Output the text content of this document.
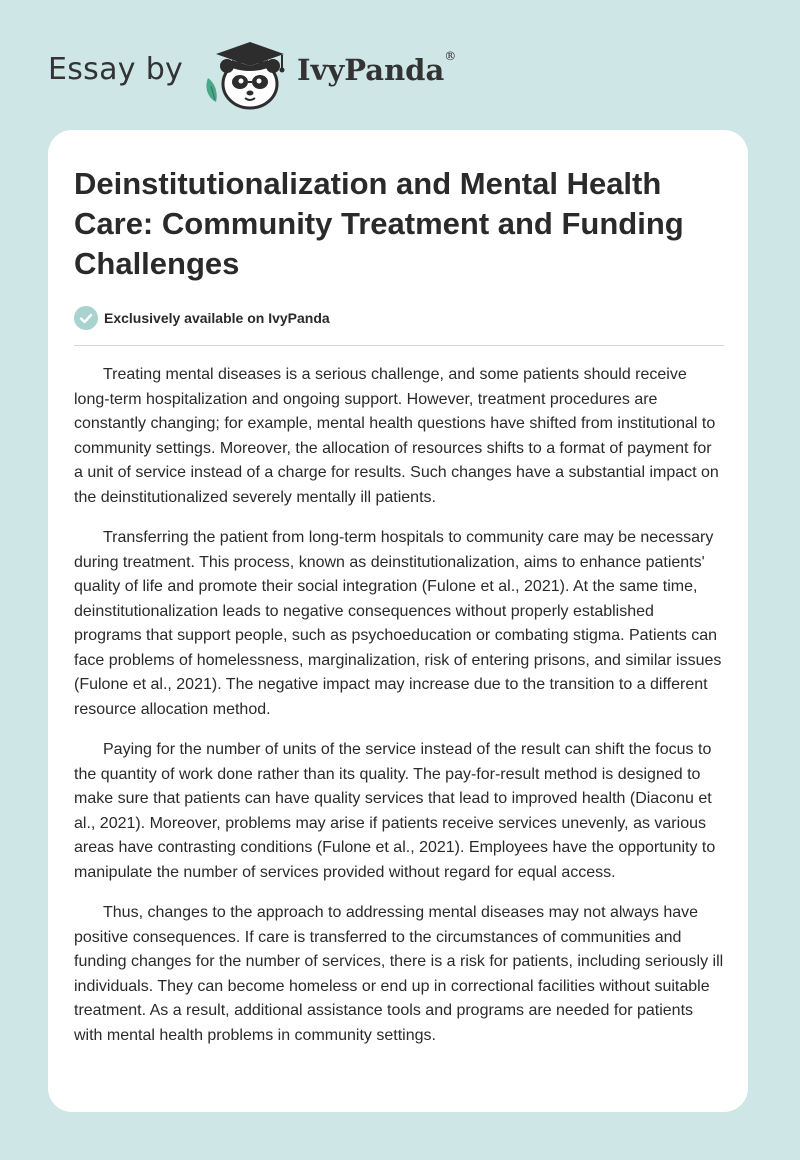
Essay by	IvyPanda®
Deinstitutionalization and Mental Health Care: Community Treatment and Funding Challenges
Exclusively available on IvyPanda

Treating mental diseases is a serious challenge, and some patients should receive long-term hospitalization and ongoing support. However, treatment procedures are constantly changing; for example, mental health questions have shifted from institutional to community settings. Moreover, the allocation of resources shifts to a format of payment for a unit of service instead of a charge for results. Such changes have a substantial impact on the deinstitutionalized severely mentally ill patients.

Transferring the patient from long-term hospitals to community care may be necessary during treatment. This process, known as deinstitutionalization, aims to enhance patients' quality of life and promote their social integration (Fulone et al., 2021). At the same time, deinstitutionalization leads to negative consequences without properly established programs that support people, such as psychoeducation or combating stigma. Patients can face problems of homelessness, marginalization, risk of entering prisons, and similar issues (Fulone et al., 2021). The negative impact may increase due to the transition to a different resource allocation method.

Paying for the number of units of the service instead of the result can shift the focus to the quantity of work done rather than its quality. The pay-for-result method is designed to make sure that patients can have quality services that lead to improved health (Diaconu et al., 2021). Moreover, problems may arise if patients receive services unevenly, as various areas have contrasting conditions (Fulone et al., 2021). Employees have the opportunity to manipulate the number of services provided without regard for equal access.

Thus, changes to the approach to addressing mental diseases may not always have positive consequences. If care is transferred to the circumstances of communities and funding changes for the number of services, there is a risk for patients, including seriously ill individuals. They can become homeless or end up in correctional facilities without suitable treatment. As a result, additional assistance tools and programs are needed for patients with mental health problems in community settings.
